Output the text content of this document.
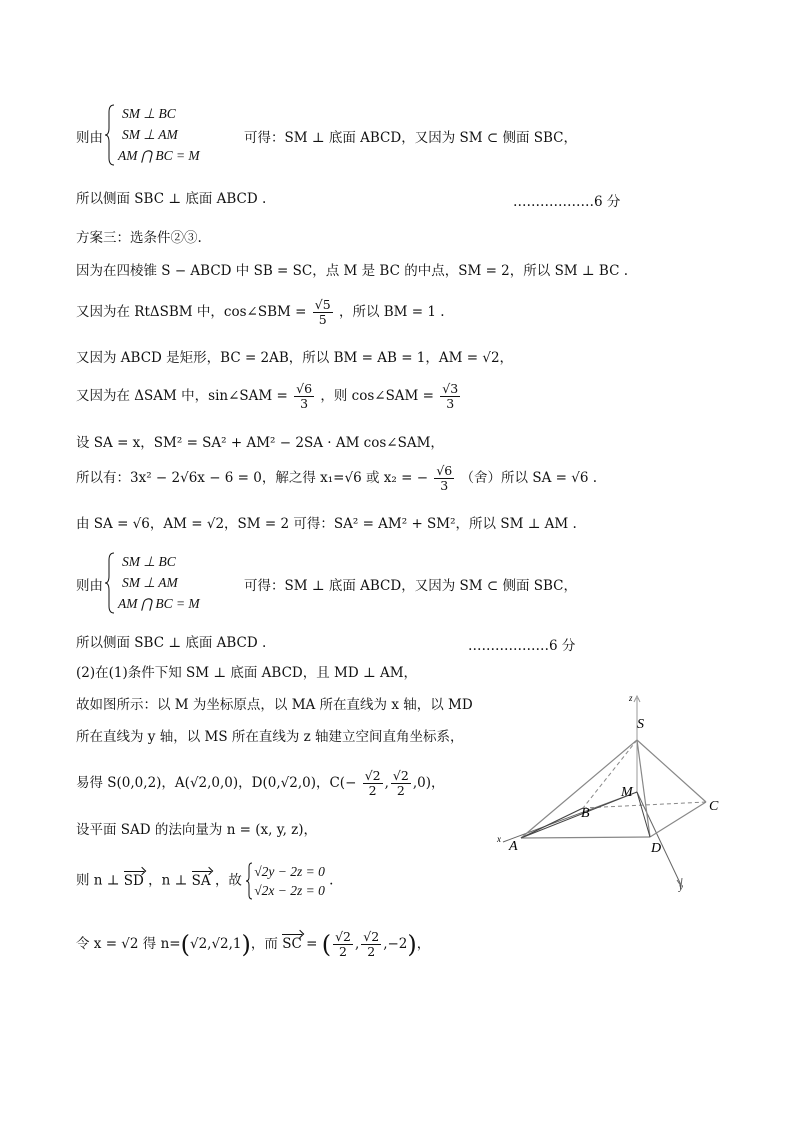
则由
SM ⊥ BC
SM ⊥ AM
AM ⋂ BC = M
可得：SM ⊥ 底面 ABCD，又因为 SM ⊂ 侧面 SBC，
所以侧面 SBC ⊥ 底面 ABCD .	………………6 分
方案三：选条件②③.
因为在四棱锥 S − ABCD 中 SB = SC，点 M 是 BC 的中点，SM = 2，所以 SM ⊥ BC .
又因为在 RtΔSBM 中，cos∠SBM = $\frac{√5}{5}$ ，所以 BM = 1 .
又因为 ABCD 是矩形，BC = 2AB，所以 BM = AB = 1，AM = √2，
又因为在 ΔSAM 中，sin∠SAM = $\frac{√6}{3}$ ，则 cos∠SAM = $\frac{√3}{3}$
设 SA = x，SM² = SA² + AM² − 2SA · AM cos∠SAM，
所以有：3x² − 2√6x − 6 = 0，解之得 x₁=√6 或 x₂ = − $\frac{√6}{3}$ （舍）所以 SA = √6 .
由 SA = √6，AM = √2，SM = 2 可得：SA² = AM² + SM²，所以 SM ⊥ AM .
则由
SM ⊥ BC
SM ⊥ AM
AM ⋂ BC = M
可得：SM ⊥ 底面 ABCD，又因为 SM ⊂ 侧面 SBC，
所以侧面 SBC ⊥ 底面 ABCD .	………………6 分
(2)在(1)条件下知 SM ⊥ 底面 ABCD，且 MD ⊥ AM，
故如图所示：以 M 为坐标原点，以 MA 所在直线为 x 轴，以 MD
所在直线为 y 轴，以 MS 所在直线为 z 轴建立空间直角坐标系，
易得 S(0,0,2)，A(√2,0,0)，D(0,√2,0)，$C(- \frac{√2}{2}$ , $\frac{√2}{2} ,0$)，
设平面 SAD 的法向量为 n = (x, y, z)，
则 n ⊥ SD ，n ⊥ SA ，故
√2y − 2z = 0
√2x − 2z = 0
.
令 x = √2 得 n=(√2,√2,1)，而 SC = ( $\frac{√2}{2}$ , $\frac{√2}{2} ,-2$)，
z
S
M
B	C
x A	D
y
